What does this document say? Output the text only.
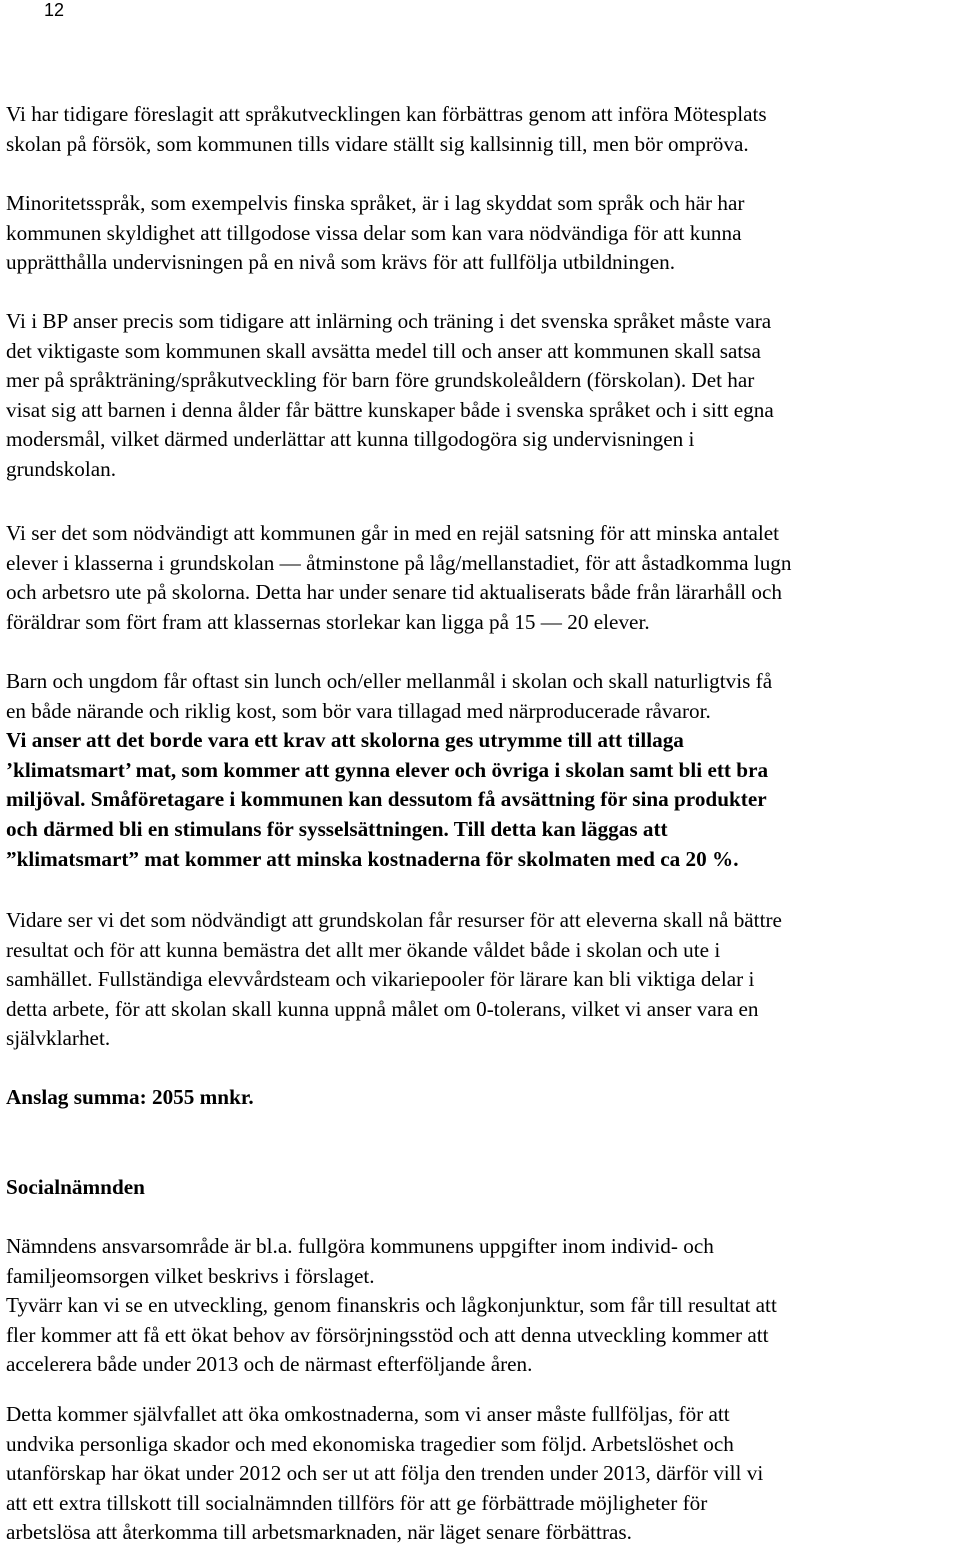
12

Vi har tidigare föreslagit att språkutvecklingen kan förbättras genom att införa Mötesplats

skolan på försök, som kommunen tills vidare ställt sig kallsinnig till, men bör ompröva.

Minoritetsspråk, som exempelvis finska språket, är i lag skyddat som språk och här har

kommunen skyldighet att tillgodose vissa delar som kan vara nödvändiga för att kunna

upprätthålla undervisningen på en nivå som krävs för att fullfölja utbildningen.

Vi i BP anser precis som tidigare att inlärning och träning i det svenska språket måste vara

det viktigaste som kommunen skall avsätta medel till och anser att kommunen skall satsa

mer på språkträning/språkutveckling för barn före grundskoleåldern (förskolan). Det har

visat sig att barnen i denna ålder får bättre kunskaper både i svenska språket och i sitt egna

modersmål, vilket därmed underlättar att kunna tillgodogöra sig undervisningen i

grundskolan.

Vi ser det som nödvändigt att kommunen går in med en rejäl satsning för att minska antalet

elever i klasserna i grundskolan — åtminstone på låg/mellanstadiet, för att åstadkomma lugn

och arbetsro ute på skolorna. Detta har under senare tid aktualiserats både från lärarhåll och

föräldrar som fört fram att klassernas storlekar kan ligga på 15 — 20 elever.

Barn och ungdom får oftast sin lunch och/eller mellanmål i skolan och skall naturligtvis få

en både närande och riklig kost, som bör vara tillagad med närproducerade råvaror.

Vi anser att det borde vara ett krav att skolorna ges utrymme till att tillaga

’klimatsmart’ mat, som kommer att gynna elever och övriga i skolan samt bli ett bra

miljöval. Småföretagare i kommunen kan dessutom få avsättning för sina produkter

och därmed bli en stimulans för sysselsättningen. Till detta kan läggas att

”klimatsmart” mat kommer att minska kostnaderna för skolmaten med ca 20 %.

Vidare ser vi det som nödvändigt att grundskolan får resurser för att eleverna skall nå bättre

resultat och för att kunna bemästra det allt mer ökande våldet både i skolan och ute i

samhället. Fullständiga elevvårdsteam och vikariepooler för lärare kan bli viktiga delar i

detta arbete, för att skolan skall kunna uppnå målet om 0-tolerans, vilket vi anser vara en

självklarhet.

Anslag summa: 2055 mnkr.

Socialnämnden

Nämndens ansvarsområde är bl.a. fullgöra kommunens uppgifter inom individ- och

familjeomsorgen vilket beskrivs i förslaget.

Tyvärr kan vi se en utveckling, genom finanskris och lågkonjunktur, som får till resultat att

fler kommer att få ett ökat behov av försörjningsstöd och att denna utveckling kommer att

accelerera både under 2013 och de närmast efterföljande åren.

Detta kommer självfallet att öka omkostnaderna, som vi anser måste fullföljas, för att

undvika personliga skador och med ekonomiska tragedier som följd. Arbetslöshet och

utanförskap har ökat under 2012 och ser ut att följa den trenden under 2013, därför vill vi

att ett extra tillskott till socialnämnden tillförs för att ge förbättrade möjligheter för

arbetslösa att återkomma till arbetsmarknaden, när läget senare förbättras.
